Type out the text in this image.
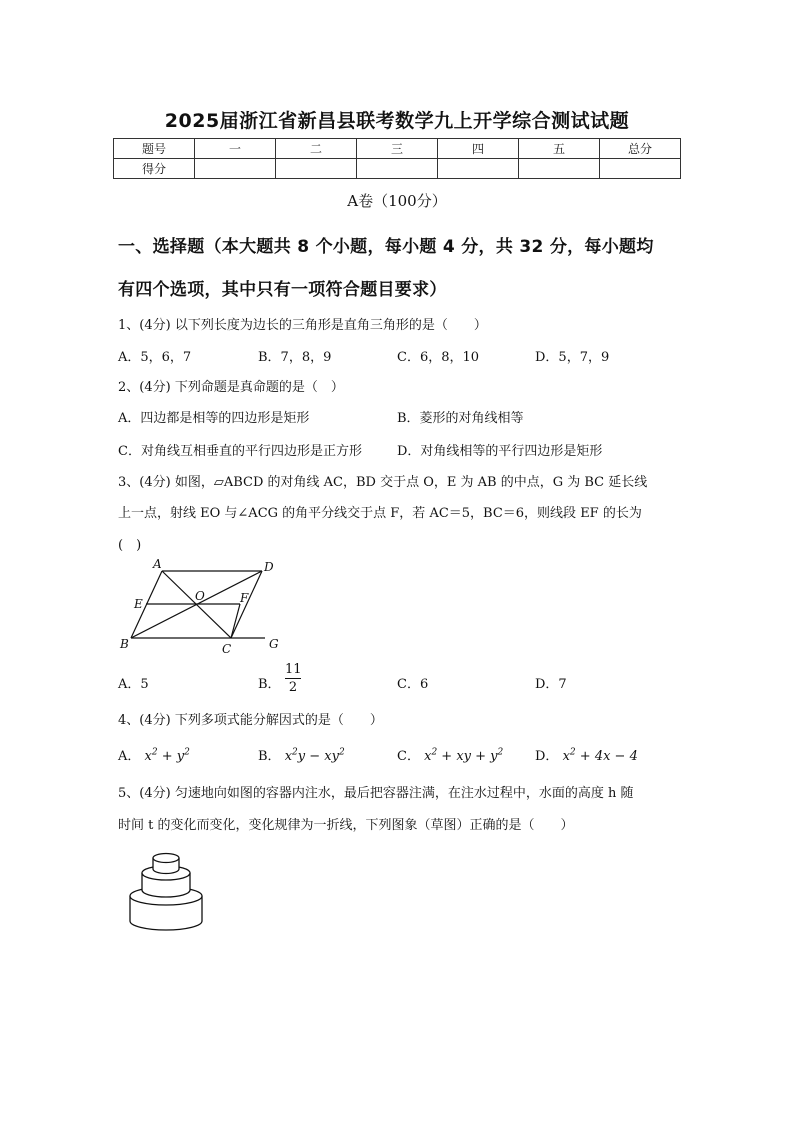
2025届浙江省新昌县联考数学九上开学综合测试试题
题号	一	二	三	四	五	总分
得分						
A卷（100分）
一、选择题（本大题共 8 个小题，每小题 4 分，共 32 分，每小题均
有四个选项，其中只有一项符合题目要求）
1、(4分) 以下列长度为边长的三角形是直角三角形的是（　　）
A．5，6，7	B．7，8，9	C．6，8，10	D．5，7，9
2、(4分) 下列命题是真命题的是（　）
A．四边都是相等的四边形是矩形	B．菱形的对角线相等
C．对角线互相垂直的平行四边形是正方形	D．对角线相等的平行四边形是矩形
3、(4分) 如图，▱ABCD 的对角线 AC，BD 交于点 O，E 为 AB 的中点，G 为 BC 延长线
上一点，射线 EO 与∠ACG 的角平分线交于点 F，若 AC＝5，BC＝6，则线段 EF 的长为
(　)
A	D
E
O	F
B	C	G
A．5	B． $\frac{11}{2}$	C．6	D．7
4、(4分) 下列多项式能分解因式的是（　　）
A． $x^2 + y^2$	B． $x^2y - xy^2$	C． $x^2$ + xy + $y^2$ D． $x^2 + 4x - 4$
5、(4分) 匀速地向如图的容器内注水，最后把容器注满，在注水过程中，水面的高度 h 随
时间 t 的变化而变化，变化规律为一折线，下列图象（草图）正确的是（　　）
